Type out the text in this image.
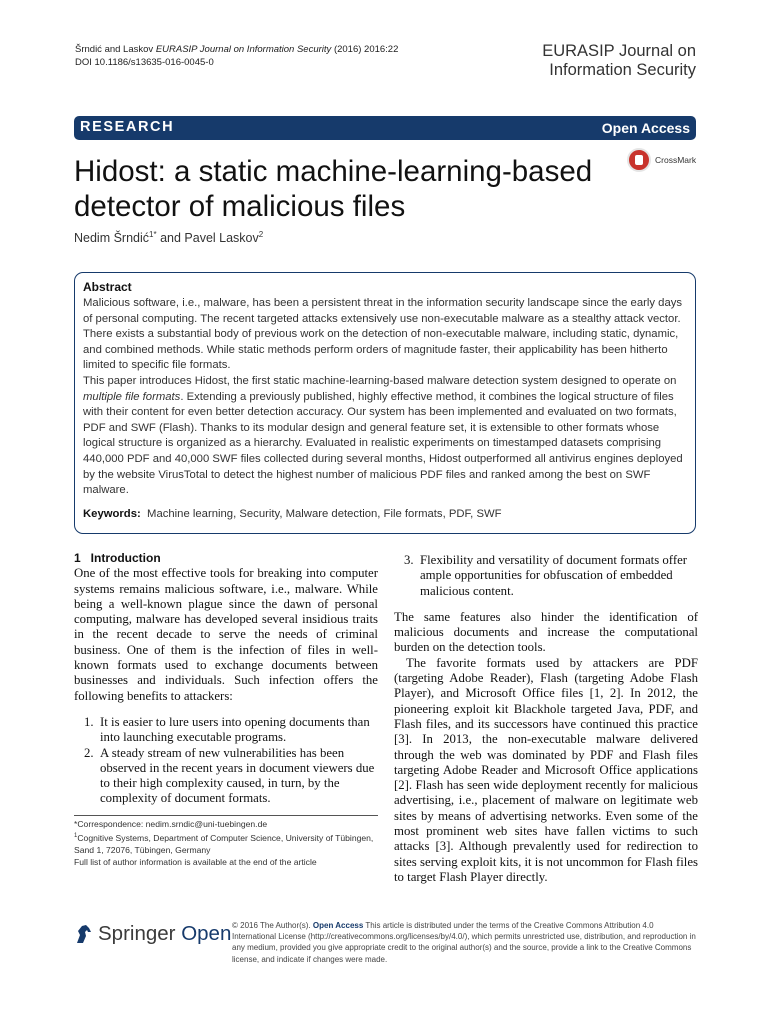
Šrndić and Laskov EURASIP Journal on Information Security (2016) 2016:22
DOI 10.1186/s13635-016-0045-0
EURASIP Journal on
Information Security
RESEARCH	Open Access
Hidost: a static machine-learning-based
detector of malicious files
CrossMark
Nedim Šrndić$^{1*}$ and Pavel Laskov$^2$
Abstract

Malicious software, i.e., malware, has been a persistent threat in the information security landscape since the early days of personal computing. The recent targeted attacks extensively use non-executable malware as a stealthy attack vector. There exists a substantial body of previous work on the detection of non-executable malware, including static, dynamic, and combined methods. While static methods perform orders of magnitude faster, their applicability has been hitherto limited to specific file formats.

This paper introduces Hidost, the first static machine-learning-based malware detection system designed to operate on multiple file formats. Extending a previously published, highly effective method, it combines the logical structure of files with their content for even better detection accuracy. Our system has been implemented and evaluated on two formats, PDF and SWF (Flash). Thanks to its modular design and general feature set, it is extensible to other formats whose logical structure is organized as a hierarchy. Evaluated in realistic experiments on timestamped datasets comprising 440,000 PDF and 40,000 SWF files collected during several months, Hidost outperformed all antivirus engines deployed by the website VirusTotal to detect the highest number of malicious PDF files and ranked among the best on SWF malware.

Keywords: Machine learning, Security, Malware detection, File formats, PDF, SWF
1   Introduction

One of the most effective tools for breaking into computer systems remains malicious software, i.e., malware. While being a well-known plague since the dawn of personal computing, malware has developed several insidious traits in the recent decade to serve the needs of criminal business. One of them is the infection of files in well-known formats used to exchange documents between businesses and individuals. Such infection offers the following benefits to attackers:

1. It is easier to lure users into opening documents than into launching executable programs.
2. A steady stream of new vulnerabilities has been observed in the recent years in document viewers due to their high complexity caused, in turn, by the complexity of document formats.
*Correspondence: nedim.srndic@uni-tuebingen.de
$^1$Cognitive Systems, Department of Computer Science, University of Tübingen, Sand 1, 72076, Tübingen, Germany
Full list of author information is available at the end of the article
3. Flexibility and versatility of document formats offer ample opportunities for obfuscation of embedded malicious content.

The same features also hinder the identification of malicious documents and increase the computational burden on the detection tools.

The favorite formats used by attackers are PDF (targeting Adobe Reader), Flash (targeting Adobe Flash Player), and Microsoft Office files [1, 2]. In 2012, the pioneering exploit kit Blackhole targeted Java, PDF, and Flash files, and its successors have continued this practice [3]. In 2013, the non-executable malware delivered through the web was dominated by PDF and Flash files targeting Adobe Reader and Microsoft Office applications [2]. Flash has seen wide deployment recently for malicious advertising, i.e., placement of malware on legitimate web sites by means of advertising networks. Even some of the most prominent web sites have fallen victims to such attacks [3]. Although prevalently used for redirection to sites serving exploit kits, it is not uncommon for Flash files to target Flash Player directly.

Springer Open © 2016 The Author(s). Open Access This article is distributed under the terms of the Creative Commons Attribution 4.0 International License (http://creativecommons.org/licenses/by/4.0/), which permits unrestricted use, distribution, and reproduction in any medium, provided you give appropriate credit to the original author(s) and the source, provide a link to the Creative Commons license, and indicate if changes were made.
